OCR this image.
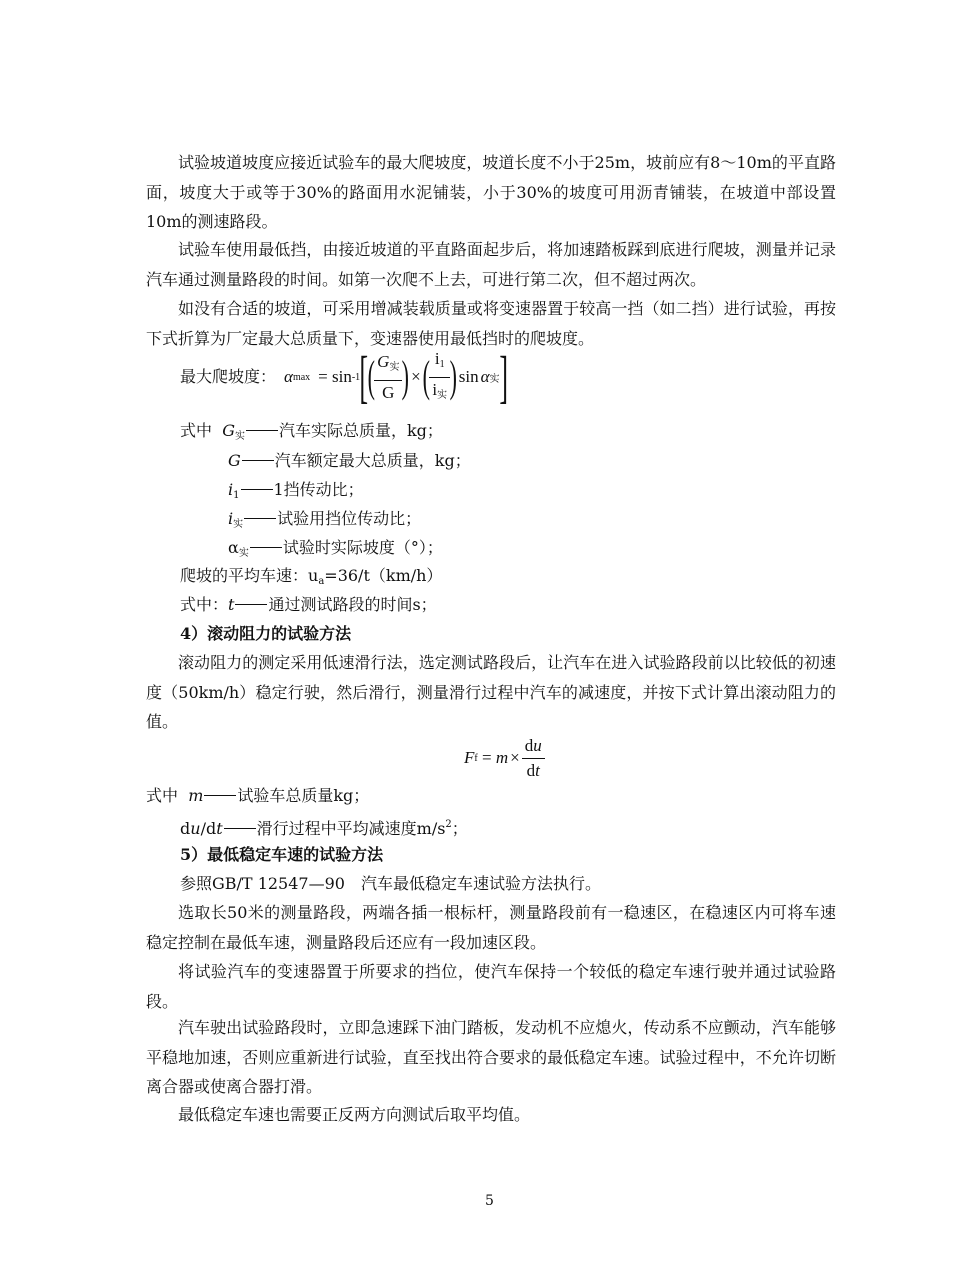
试验坡道坡度应接近试验车的最大爬坡度，坡道长度不小于25m，坡前应有8～10m的平直路面，坡度大于或等于30%的路面用水泥铺装，小于30%的坡度可用沥青铺装，在坡道中部设置10m的测速路段。

试验车使用最低挡，由接近坡道的平直路面起步后，将加速踏板踩到底进行爬坡，测量并记录汽车通过测量路段的时间。如第一次爬不上去，可进行第二次，但不超过两次。

如没有合适的坡道，可采用增减装载质量或将变速器置于较高一挡（如二挡）进行试验，再按下式折算为厂定最大总质量下，变速器使用最低挡时的爬坡度。

最大爬坡度： α max = sin -1 [
( $\frac{G_实}{G}$ ) × ( $\frac{i_1}{i_实}$ ) sin α 实 ]
式中 $G_实$ 汽车实际总质量，kg；
G 汽车额定最大总质量，kg；
$i_1$ 1挡传动比；
$i_实$ 试验用挡位传动比；
$\alpha_实$ 试验时实际坡度（°）；
爬坡的平均车速：$u_a=36/t(km/h)$
式中：t 通过测试路段的时间s；
4）滚动阻力的试验方法

滚动阻力的测定采用低速滑行法，选定测试路段后，让汽车在进入试验路段前以比较低的初速度（50km/h）稳定行驶，然后滑行，测量滑行过程中汽车的减速度，并按下式计算出滚动阻力的值。

F $f = m \times \frac{du}{dt}$
式中 m 试验车总质量kg；
du/dt 滑行过程中平均减速度$m/s^2$；
5）最低稳定车速的试验方法
参照GB/T 12547—90　汽车最低稳定车速试验方法执行。

选取长50米的测量路段，两端各插一根标杆，测量路段前有一稳速区，在稳速区内可将车速稳定控制在最低车速，测量路段后还应有一段加速区段。

将试验汽车的变速器置于所要求的挡位，使汽车保持一个较低的稳定车速行驶并通过试验路段。

汽车驶出试验路段时，立即急速踩下油门踏板，发动机不应熄火，传动系不应颤动，汽车能够平稳地加速，否则应重新进行试验，直至找出符合要求的最低稳定车速。试验过程中，不允许切断离合器或使离合器打滑。

最低稳定车速也需要正反两方向测试后取平均值。

5
